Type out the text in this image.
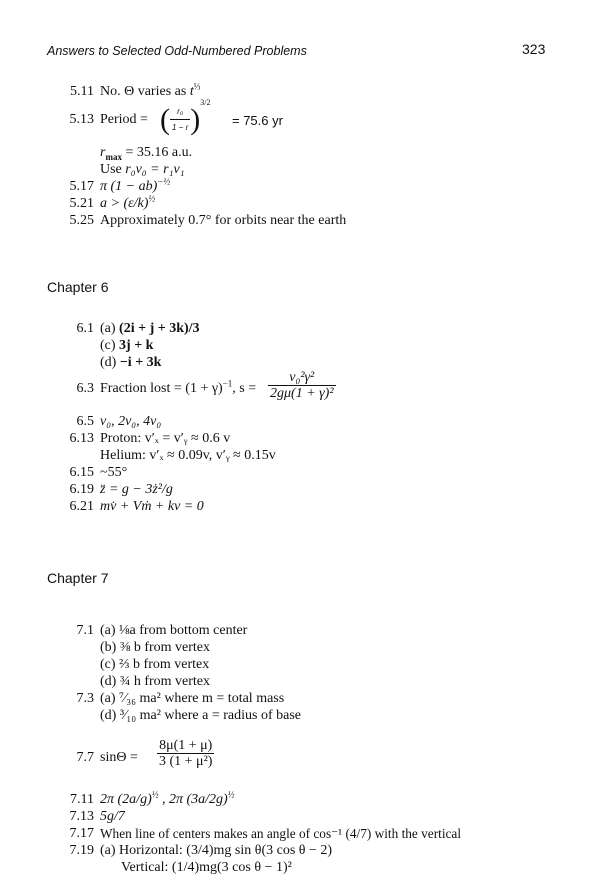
Answers to Selected Odd-Numbered Problems	323
5.11 No. Θ varies as $t^{\frac{1}{3}}$
5.13 Period = ( $\frac{\text{r₀}}{1 - r} )^{3/2}$
= 75.6 yr
$r_{max} = 35.16$ a.u.
Use r₀v₀ = r₁v₁
5.17 π (1 − ab)$^{-\frac{1}{2}}$
5.21 $a > (\varepsilon/k)^{\frac{1}{2}}$
5.25 Approximately 0.7° for orbits near the earth
Chapter 6
6.1 (a) (2i + j + 3k)/3
(c) 3j + k
(d) −i + 3k
6.3 Fraction lost = $(1 + \gamma)^{-1}$, $s = \frac{\text{v₀²γ²}}{\text{2gμ(1 + γ)²}}$
6.5 v₀, 2v₀, 4v₀
6.13 Proton: v′ₓ = v′ᵧ ≈ 0.6 v
Helium: v′ₓ ≈ 0.09v, v′ᵧ ≈ 0.15v
6.15 ~55°
6.19 z̈ = g − 3ż²/g
6.21 mv̇ + Vṁ + kv = 0
Chapter 7
7.1 (a) ⅛a from bottom center
(b) ⅜ b from vertex
(c) ⅔ b from vertex
(d) ¾ h from vertex
7.3 (a) ⁷⁄₃₆ ma² where m = total mass
(d) ³⁄₁₀ ma² where a = radius of base
7.7 $\sin\Theta = \frac{8\mu(1 + \mu)}{\text{3 (1 + μ²)}}$
7.11 2π $(2a/g)^{\frac{1}{2}}$ , 2π $(3a/2g)^{\frac{1}{2}}$
7.13 5g/7
7.17 When line of centers makes an angle of cos⁻¹ (4/7) with the vertical
7.19 (a) Horizontal: (3/4)mg sin θ(3 cos θ − 2)
Vertical: (1/4)mg(3 cos θ − 1)²
